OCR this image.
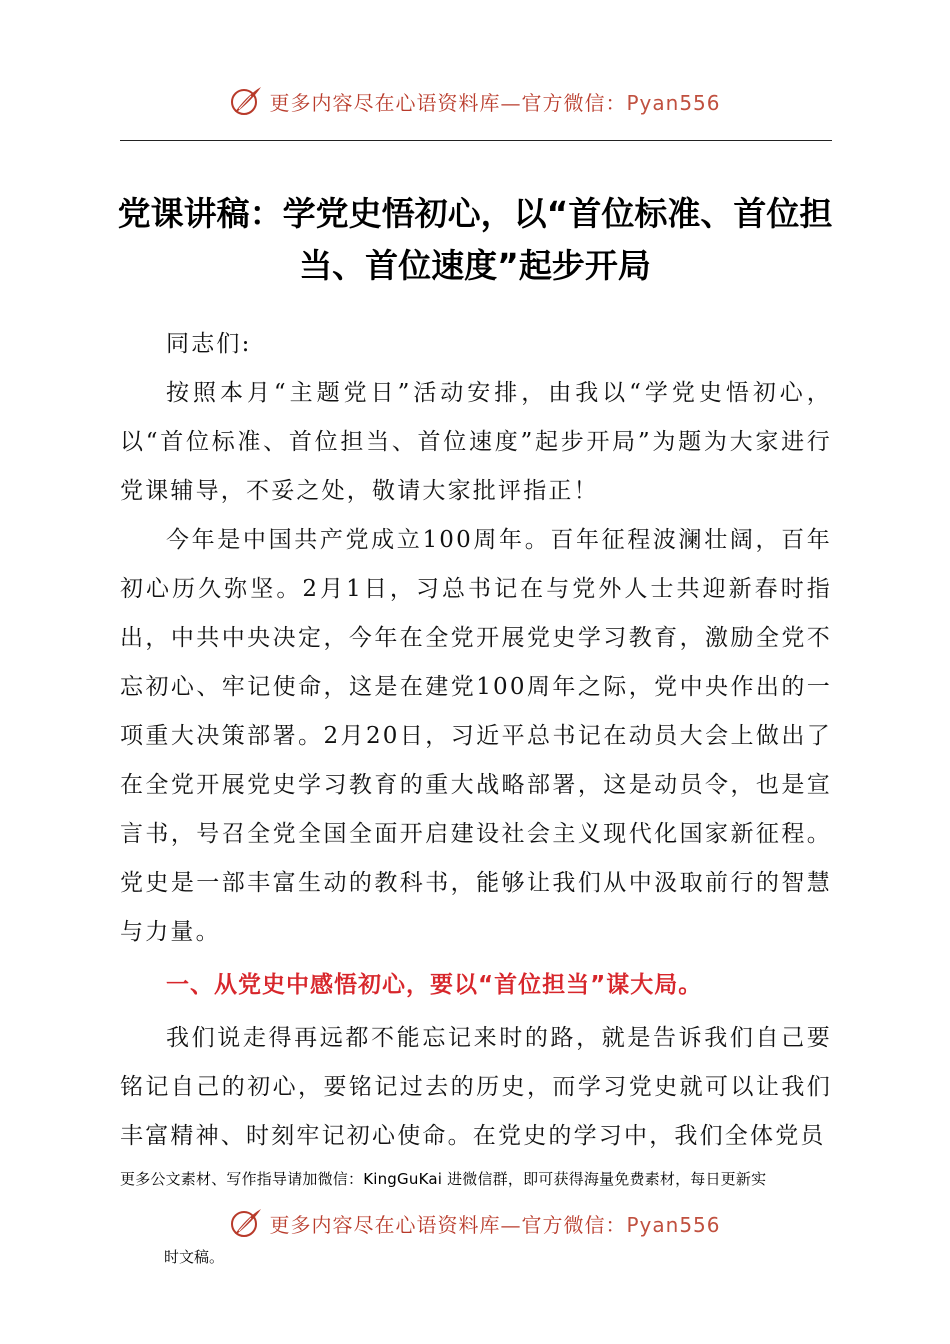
更多内容尽在心语资料库—官方微信：Pyan556
党课讲稿：学党史悟初心，以“首位标准、首位担当、首位速度”起步开局

同志们:

按照本月“主题党日”活动安排，由我以“学党史悟初心，以“首位标准、首位担当、首位速度”起步开局”为题为大家进行党课辅导，不妥之处，敬请大家批评指正！

今年是中国共产党成立100周年。百年征程波澜壮阔，百年初心历久弥坚。2月1日，习总书记在与党外人士共迎新春时指出，中共中央决定，今年在全党开展党史学习教育，激励全党不忘初心、牢记使命，这是在建党100周年之际，党中央作出的一项重大决策部署。2月20日，习近平总书记在动员大会上做出了在全党开展党史学习教育的重大战略部署，这是动员令，也是宣言书，号召全党全国全面开启建设社会主义现代化国家新征程。党史是一部丰富生动的教科书，能够让我们从中汲取前行的智慧与力量。

一、从党史中感悟初心，要以“首位担当”谋大局。

我们说走得再远都不能忘记来时的路，就是告诉我们自己要铭记自己的初心，要铭记过去的历史，而学习党史就可以让我们丰富精神、时刻牢记初心使命。在党史的学习中，我们全体党员

更多公文素材、写作指导请加微信：KingGuKai 进微信群，即可获得海量免费素材，每日更新实
更多内容尽在心语资料库—官方微信：Pyan556
时文稿。
